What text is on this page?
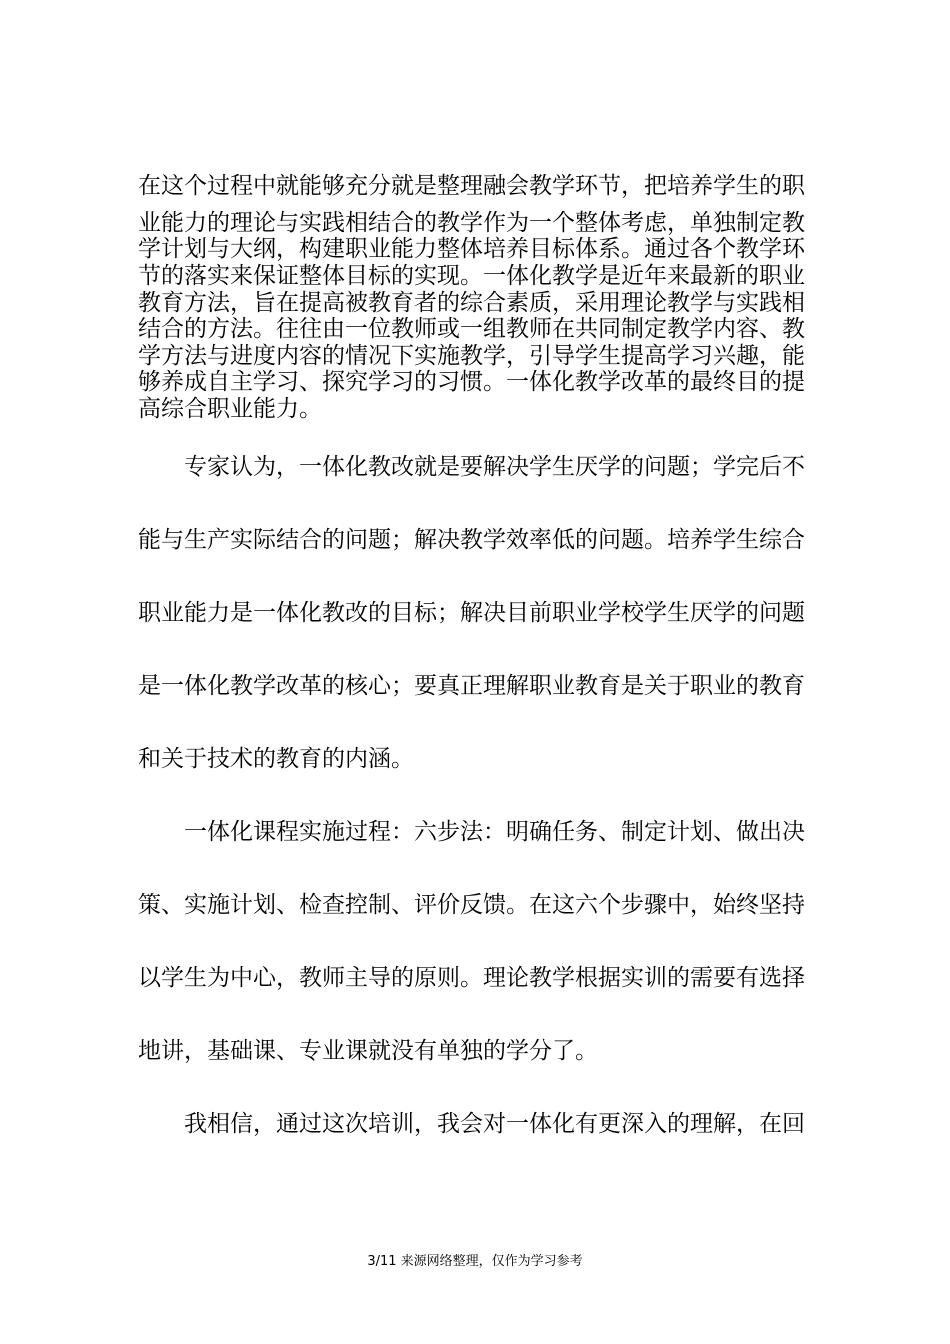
在这个过程中就能够充分就是整理融会教学环节，把培养学生的职
业能力的理论与实践相结合的教学作为一个整体考虑，单独制定教
学计划与大纲，构建职业能力整体培养目标体系。通过各个教学环
节的落实来保证整体目标的实现。一体化教学是近年来最新的职业
教育方法，旨在提高被教育者的综合素质，采用理论教学与实践相
结合的方法。往往由一位教师或一组教师在共同制定教学内容、教
学方法与进度内容的情况下实施教学，引导学生提高学习兴趣，能
够养成自主学习、探究学习的习惯。一体化教学改革的最终目的提
高综合职业能力。
专家认为，一体化教改就是要解决学生厌学的问题；学完后不
能与生产实际结合的问题；解决教学效率低的问题。培养学生综合
职业能力是一体化教改的目标；解决目前职业学校学生厌学的问题
是一体化教学改革的核心；要真正理解职业教育是关于职业的教育
和关于技术的教育的内涵。
一体化课程实施过程：六步法：明确任务、制定计划、做出决
策、实施计划、检查控制、评价反馈。在这六个步骤中，始终坚持
以学生为中心，教师主导的原则。理论教学根据实训的需要有选择
地讲，基础课、专业课就没有单独的学分了。
我相信，通过这次培训，我会对一体化有更深入的理解，在回
3/11 来源网络整理，仅作为学习参考
